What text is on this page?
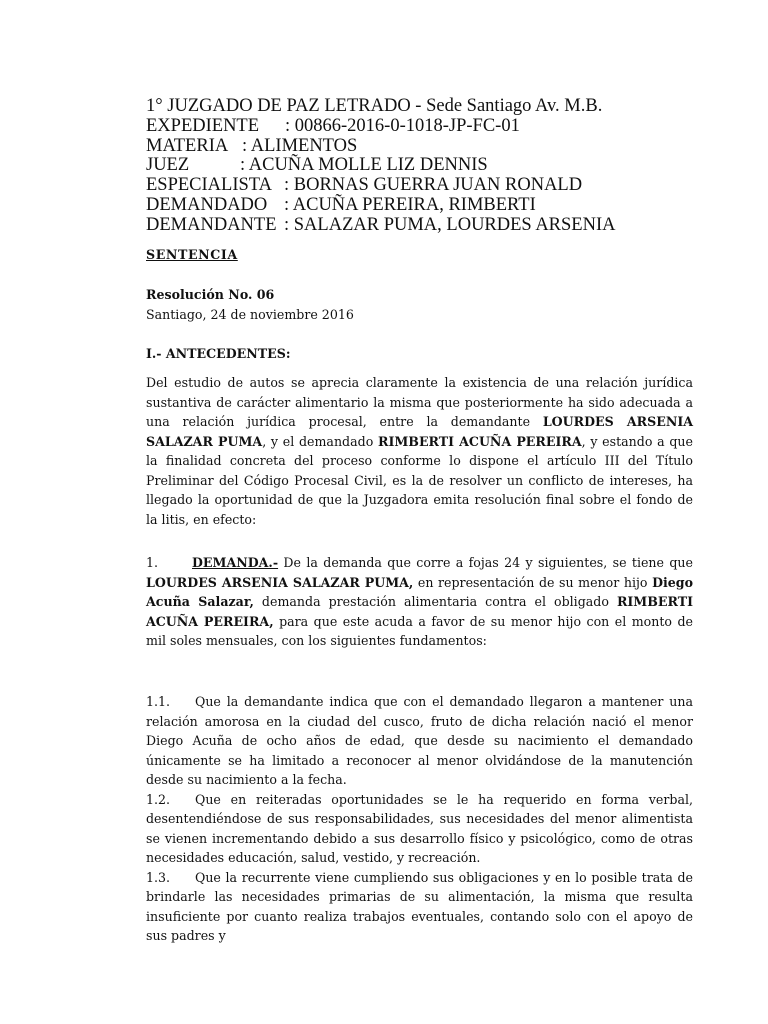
1° JUZGADO DE PAZ LETRADO - Sede Santiago Av. M.B.
EXPEDIENTE	: 00866-2016-0-1018-JP-FC-01
MATERIA : ALIMENTOS
JUEZ	: ACUÑA MOLLE LIZ DENNIS
ESPECIALISTA : BORNAS GUERRA JUAN RONALD
DEMANDADO : ACUÑA PEREIRA, RIMBERTI
DEMANDANTE : SALAZAR PUMA, LOURDES ARSENIA
SENTENCIA
Resolución No. 06
Santiago, 24 de noviembre 2016
I.- ANTECEDENTES:

Del estudio de autos se aprecia claramente la existencia de una relación jurídica sustantiva de carácter alimentario la misma que posteriormente ha sido adecuada a una relación jurídica procesal, entre la demandante LOURDES ARSENIA SALAZAR PUMA, y el demandado RIMBERTI ACUÑA PEREIRA, y estando a que la finalidad concreta del proceso conforme lo dispone el artículo III del Título Preliminar del Código Procesal Civil, es la de resolver un conflicto de intereses, ha llegado la oportunidad de que la Juzgadora emita resolución final sobre el fondo de la litis, en efecto:

1.	DEMANDA.- De la demanda que corre a fojas 24 y siguientes, se tiene que LOURDES ARSENIA SALAZAR PUMA, en representación de su menor hijo Diego Acuña Salazar, demanda prestación alimentaria contra el obligado RIMBERTI ACUÑA PEREIRA, para que este acuda a favor de su menor hijo con el monto de mil soles mensuales, con los siguientes fundamentos:

1.1. Que la demandante indica que con el demandado llegaron a mantener una relación amorosa en la ciudad del cusco, fruto de dicha relación nació el menor Diego Acuña de ocho años de edad, que desde su nacimiento el demandado únicamente se ha limitado a reconocer al menor olvidándose de la manutención desde su nacimiento a la fecha.

1.2. Que en reiteradas oportunidades se le ha requerido en forma verbal, desentendiéndose de sus responsabilidades, sus necesidades del menor alimentista se vienen incrementando debido a sus desarrollo físico y psicológico, como de otras necesidades educación, salud, vestido, y recreación.

1.3. Que la recurrente viene cumpliendo sus obligaciones y en lo posible trata de brindarle las necesidades primarias de su alimentación, la misma que resulta insuficiente por cuanto realiza trabajos eventuales, contando solo con el apoyo de sus padres y
